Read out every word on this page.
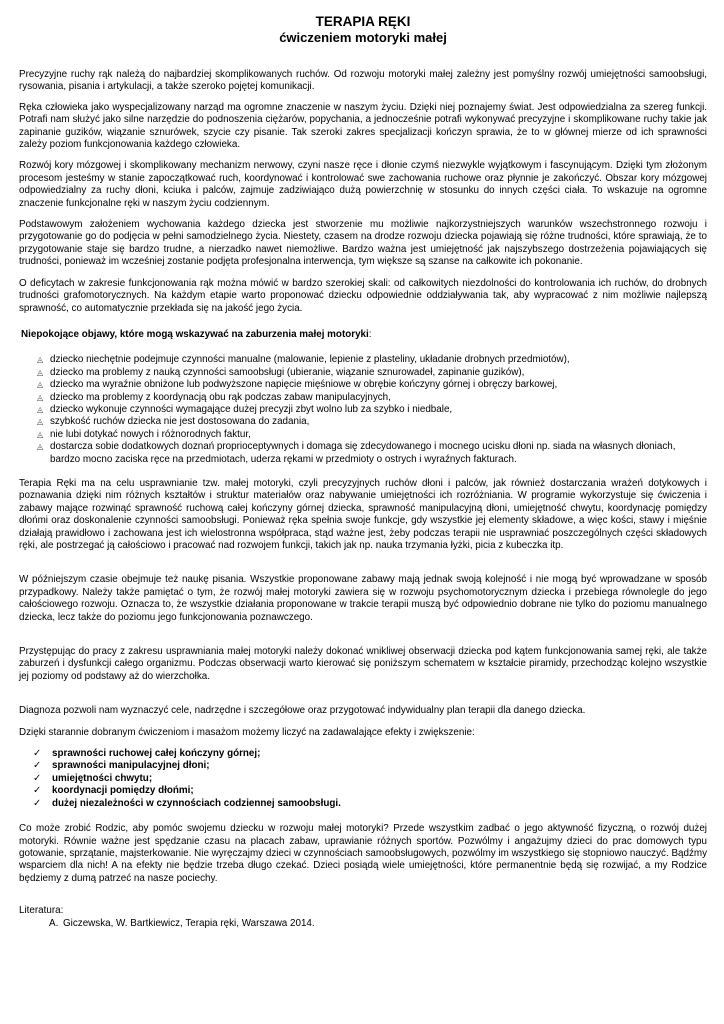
TERAPIA RĘKI
ćwiczeniem motoryki małej

Precyzyjne ruchy rąk należą do najbardziej skomplikowanych ruchów. Od rozwoju motoryki małej zależny jest pomyślny rozwój umiejętności samoobsługi, rysowania, pisania i artykulacji, a także szeroko pojętej komunikacji.

Ręka człowieka jako wyspecjalizowany narząd ma ogromne znaczenie w naszym życiu. Dzięki niej poznajemy świat. Jest odpowiedzialna za szereg funkcji. Potrafi nam służyć jako silne narzędzie do podnoszenia ciężarów, popychania, a jednocześnie potrafi wykonywać precyzyjne i skomplikowane ruchy takie jak zapinanie guzików, wiązanie sznurówek, szycie czy pisanie. Tak szeroki zakres specjalizacji kończyn sprawia, że to w głównej mierze od ich sprawności zależy poziom funkcjonowania każdego człowieka.

Rozwój kory mózgowej i skomplikowany mechanizm nerwowy, czyni nasze ręce i dłonie czymś niezwykle wyjątkowym i fascynującym. Dzięki tym złożonym procesom jesteśmy w stanie zapoczątkować ruch, koordynować i kontrolować swe zachowania ruchowe oraz płynnie je zakończyć. Obszar kory mózgowej odpowiedzialny za ruchy dłoni, kciuka i palców, zajmuje zadziwiająco dużą powierzchnię w stosunku do innych części ciała. To wskazuje na ogromne znaczenie funkcjonalne ręki w naszym życiu codziennym.

Podstawowym założeniem wychowania każdego dziecka jest stworzenie mu możliwie najkorzystniejszych warunków wszechstronnego rozwoju i przygotowanie go do podjęcia w pełni samodzielnego życia. Niestety, czasem na drodze rozwoju dziecka pojawiają się różne trudności, które sprawiają, że to przygotowanie staje się bardzo trudne, a nierzadko nawet niemożliwe. Bardzo ważna jest umiejętność jak najszybszego dostrzeżenia pojawiających się trudności, ponieważ im wcześniej zostanie podjęta profesjonalna interwencja, tym większe są szanse na całkowite ich pokonanie.

O deficytach w zakresie funkcjonowania rąk można mówić w bardzo szerokiej skali: od całkowitych niezdolności do kontrolowania ich ruchów, do drobnych trudności grafomotorycznych. Na każdym etapie warto proponować dziecku odpowiednie oddziaływania tak, aby wypracować z nim możliwie najlepszą sprawność, co automatycznie przekłada się na jakość jego życia.

Niepokojące objawy, które mogą wskazywać na zaburzenia małej motoryki:

◬ dziecko niechętnie podejmuje czynności manualne (malowanie, lepienie z plasteliny, układanie drobnych przedmiotów),
◬ dziecko ma problemy z nauką czynności samoobsługi (ubieranie, wiązanie sznurowadeł, zapinanie guzików),
◬ dziecko ma wyraźnie obniżone lub podwyższone napięcie mięśniowe w obrębie kończyny górnej i obręczy barkowej,
◬ dziecko ma problemy z koordynacją obu rąk podczas zabaw manipulacyjnych,
◬ dziecko wykonuje czynności wymagające dużej precyzji zbyt wolno lub za szybko i niedbale,
◬ szybkość ruchów dziecka nie jest dostosowana do zadania,
◬ nie lubi dotykać nowych i różnorodnych faktur,
◬ dostarcza sobie dodatkowych doznań proprioceptywnych i domaga się zdecydowanego i mocnego ucisku dłoni np. siada na własnych dłoniach, bardzo mocno zaciska ręce na przedmiotach, uderza rękami w przedmioty o ostrych i wyraźnych fakturach.

Terapia Ręki ma na celu usprawnianie tzw. małej motoryki, czyli precyzyjnych ruchów dłoni i palców, jak również dostarczania wrażeń dotykowych i poznawania dzięki nim różnych kształtów i struktur materiałów oraz nabywanie umiejętności ich rozróżniania. W programie wykorzystuje się ćwiczenia i zabawy mające rozwinąć sprawność ruchową całej kończyny górnej dziecka, sprawność manipulacyjną dłoni, umiejętność chwytu, koordynację pomiędzy dłońmi oraz doskonalenie czynności samoobsługi. Ponieważ ręka spełnia swoje funkcje, gdy wszystkie jej elementy składowe, a więc kości, stawy i mięśnie działają prawidłowo i zachowana jest ich wielostronna współpraca, stąd ważne jest, żeby podczas terapii nie usprawniać poszczególnych części składowych ręki, ale postrzegać ją całościowo i pracować nad rozwojem funkcji, takich jak np. nauka trzymania łyżki, picia z kubeczka itp.

W późniejszym czasie obejmuje też naukę pisania. Wszystkie proponowane zabawy mają jednak swoją kolejność i nie mogą być wprowadzane w sposób przypadkowy. Należy także pamiętać o tym, że rozwój małej motoryki zawiera się w rozwoju psychomotorycznym dziecka i przebiega równolegle do jego całościowego rozwoju. Oznacza to, że wszystkie działania proponowane w trakcie terapii muszą być odpowiednio dobrane nie tylko do poziomu manualnego dziecka, lecz także do poziomu jego funkcjonowania poznawczego.

Przystępując do pracy z zakresu usprawniania małej motoryki należy dokonać wnikliwej obserwacji dziecka pod kątem funkcjonowania samej ręki, ale także zaburzeń i dysfunkcji całego organizmu. Podczas obserwacji warto kierować się poniższym schematem w kształcie piramidy, przechodząc kolejno wszystkie jej poziomy od podstawy aż do wierzchołka.

Diagnoza pozwoli nam wyznaczyć cele, nadrzędne i szczegółowe oraz przygotować indywidualny plan terapii dla danego dziecka.

Dzięki starannie dobranym ćwiczeniom i masażom możemy liczyć na zadawalające efekty i zwiększenie:

✓ sprawności ruchowej całej kończyny górnej;
✓ sprawności manipulacyjnej dłoni;
✓ umiejętności chwytu;
✓ koordynacji pomiędzy dłońmi;
✓ dużej niezależności w czynnościach codziennej samoobsługi.

Co może zrobić Rodzic, aby pomóc swojemu dziecku w rozwoju małej motoryki? Przede wszystkim zadbać o jego aktywność fizyczną, o rozwój dużej motoryki. Równie ważne jest spędzanie czasu na placach zabaw, uprawianie różnych sportów. Pozwólmy i angażujmy dzieci do prac domowych typu gotowanie, sprzątanie, majsterkowanie. Nie wyręczajmy dzieci w czynnościach samoobsługowych, pozwólmy im wszystkiego się stopniowo nauczyć. Bądźmy wsparciem dla nich! A na efekty nie będzie trzeba długo czekać. Dzieci posiądą wiele umiejętności, które permanentnie będą się rozwijać, a my Rodzice będziemy z dumą patrzeć na nasze pociechy.

Literatura:

A. Giczewska, W. Bartkiewicz, Terapia ręki, Warszawa 2014.
